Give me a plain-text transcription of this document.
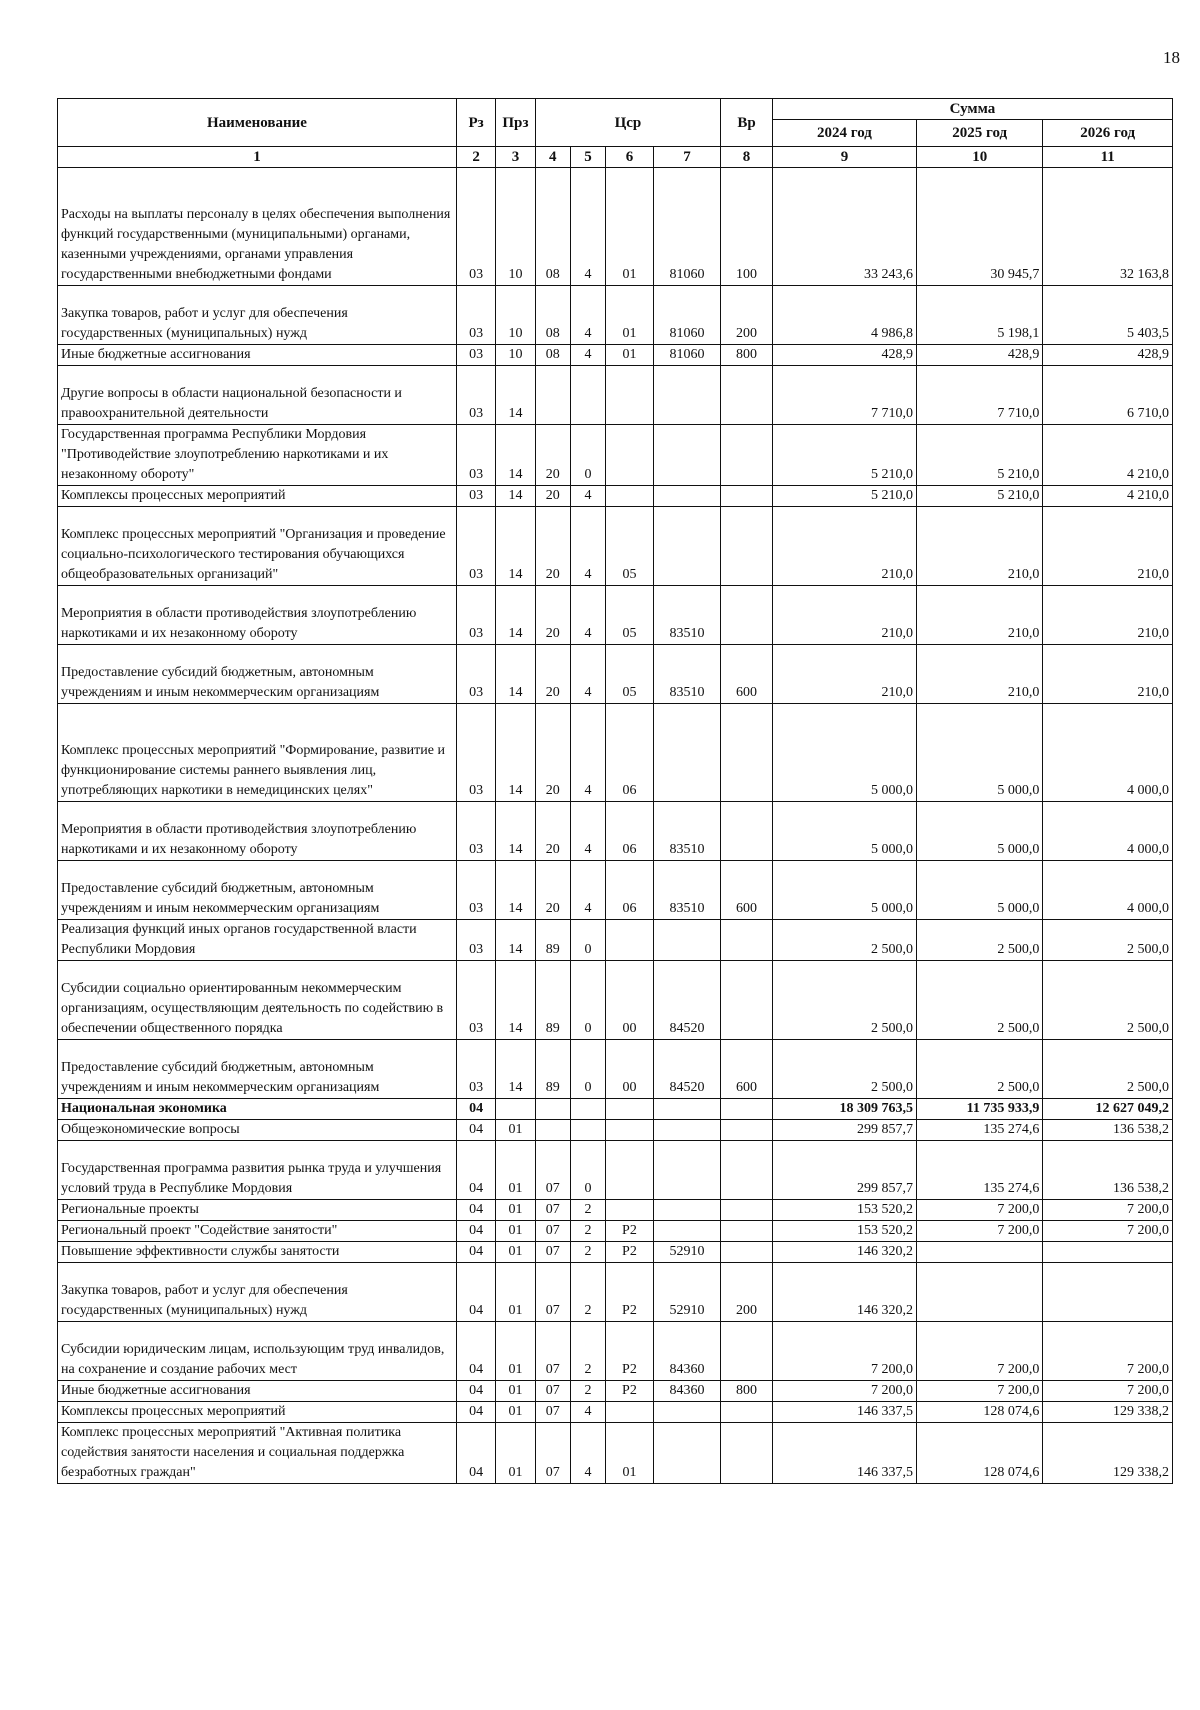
18
Наименование	Рз	Прз	Цср				Вр	Сумма		
								2024 год	2025 год	2026 год
1	2	3	4	5	6	7	8	9	10	11
Расходы на выплаты персоналу в целях обеспечения выполнения функций государственными (муниципальными) органами, казенными учреждениями, органами управления государственными внебюджетными фондами	03	10	08	4	01	81060	100	33 243,6	30 945,7	32 163,8
Закупка товаров, работ и услуг для обеспечения государственных (муниципальных) нужд	03	10	08	4	01	81060	200	4 986,8	5 198,1	5 403,5
Иные бюджетные ассигнования	03	10	08	4	01	81060	800	428,9	428,9	428,9
Другие вопросы в области национальной безопасности и правоохранительной деятельности	03	14						7 710,0	7 710,0	6 710,0
Государственная программа Республики Мордовия "Противодействие злоупотреблению наркотиками и их незаконному обороту"	03	14	20	0				5 210,0	5 210,0	4 210,0
Комплексы процессных мероприятий	03	14	20	4				5 210,0	5 210,0	4 210,0
Комплекс процессных мероприятий "Организация и проведение социально-психологического тестирования обучающихся общеобразовательных организаций"	03	14	20	4	05			210,0	210,0	210,0
Мероприятия в области противодействия злоупотреблению наркотиками и их незаконному обороту	03	14	20	4	05	83510		210,0	210,0	210,0
Предоставление субсидий бюджетным, автономным учреждениям и иным некоммерческим организациям	03	14	20	4	05	83510	600	210,0	210,0	210,0
Комплекс процессных мероприятий "Формирование, развитие и функционирование системы раннего выявления лиц, употребляющих наркотики в немедицинских целях"	03	14	20	4	06			5 000,0	5 000,0	4 000,0
Мероприятия в области противодействия злоупотреблению наркотиками и их незаконному обороту	03	14	20	4	06	83510		5 000,0	5 000,0	4 000,0
Предоставление субсидий бюджетным, автономным учреждениям и иным некоммерческим организациям	03	14	20	4	06	83510	600	5 000,0	5 000,0	4 000,0
Реализация функций иных органов государственной власти Республики Мордовия	03	14	89	0				2 500,0	2 500,0	2 500,0
Субсидии социально ориентированным некоммерческим организациям, осуществляющим деятельность по содействию в обеспечении общественного порядка	03	14	89	0	00	84520		2 500,0	2 500,0	2 500,0
Предоставление субсидий бюджетным, автономным учреждениям и иным некоммерческим организациям	03	14	89	0	00	84520	600	2 500,0	2 500,0	2 500,0
Национальная экономика	04							18 309 763,5	11 735 933,9	12 627 049,2
Общеэкономические вопросы	04	01						299 857,7	135 274,6	136 538,2
Государственная программа развития рынка труда и улучшения условий труда в Республике Мордовия	04	01	07	0				299 857,7	135 274,6	136 538,2
Региональные проекты	04	01	07	2				153 520,2	7 200,0	7 200,0
Региональный проект "Содействие занятости"	04	01	07	2	P2			153 520,2	7 200,0	7 200,0
Повышение эффективности службы занятости	04	01	07	2	P2	52910		146 320,2		
Закупка товаров, работ и услуг для обеспечения государственных (муниципальных) нужд	04	01	07	2	P2	52910	200	146 320,2		
Субсидии юридическим лицам, использующим труд инвалидов, на сохранение и создание рабочих мест	04	01	07	2	P2	84360		7 200,0	7 200,0	7 200,0
Иные бюджетные ассигнования	04	01	07	2	P2	84360	800	7 200,0	7 200,0	7 200,0
Комплексы процессных мероприятий	04	01	07	4				146 337,5	128 074,6	129 338,2
Комплекс процессных мероприятий "Активная политика содействия занятости населения и социальная поддержка безработных граждан"	04	01	07	4	01			146 337,5	128 074,6	129 338,2
